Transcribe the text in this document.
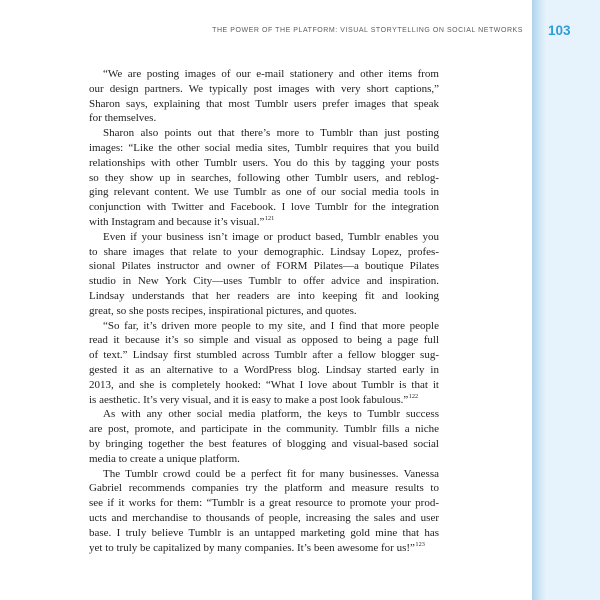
103
THE POWER OF THE PLATFORM: VISUAL STORYTELLING ON SOCIAL NETWORKS
“We are posting images of our e-mail stationery and other items from
our design partners. We typically post images with very short captions,”
Sharon says, explaining that most Tumblr users prefer images that speak
for themselves.
Sharon also points out that there’s more to Tumblr than just posting
images: “Like the other social media sites, Tumblr requires that you build
relationships with other Tumblr users. You do this by tagging your posts
so they show up in searches, following other Tumblr users, and reblog-
ging relevant content. We use Tumblr as one of our social media tools in
conjunction with Twitter and Facebook. I love Tumblr for the integration
with Instagram and because it’s visual.”$^{121}$
Even if your business isn’t image or product based, Tumblr enables you
to share images that relate to your demographic. Lindsay Lopez, profes-
sional Pilates instructor and owner of FORM Pilates—a boutique Pilates
studio in New York City—uses Tumblr to offer advice and inspiration.
Lindsay understands that her readers are into keeping fit and looking
great, so she posts recipes, inspirational pictures, and quotes.
“So far, it’s driven more people to my site, and I find that more people
read it because it’s so simple and visual as opposed to being a page full
of text.” Lindsay first stumbled across Tumblr after a fellow blogger sug-
gested it as an alternative to a WordPress blog. Lindsay started early in
2013, and she is completely hooked: “What I love about Tumblr is that it
is aesthetic. It’s very visual, and it is easy to make a post look fabulous.”$^{122}$
As with any other social media platform, the keys to Tumblr success
are post, promote, and participate in the community. Tumblr fills a niche
by bringing together the best features of blogging and visual-based social
media to create a unique platform.
The Tumblr crowd could be a perfect fit for many businesses. Vanessa
Gabriel recommends companies try the platform and measure results to
see if it works for them: “Tumblr is a great resource to promote your prod-
ucts and merchandise to thousands of people, increasing the sales and user
base. I truly believe Tumblr is an untapped marketing gold mine that has
yet to truly be capitalized by many companies. It’s been awesome for us!”$^{123}$
